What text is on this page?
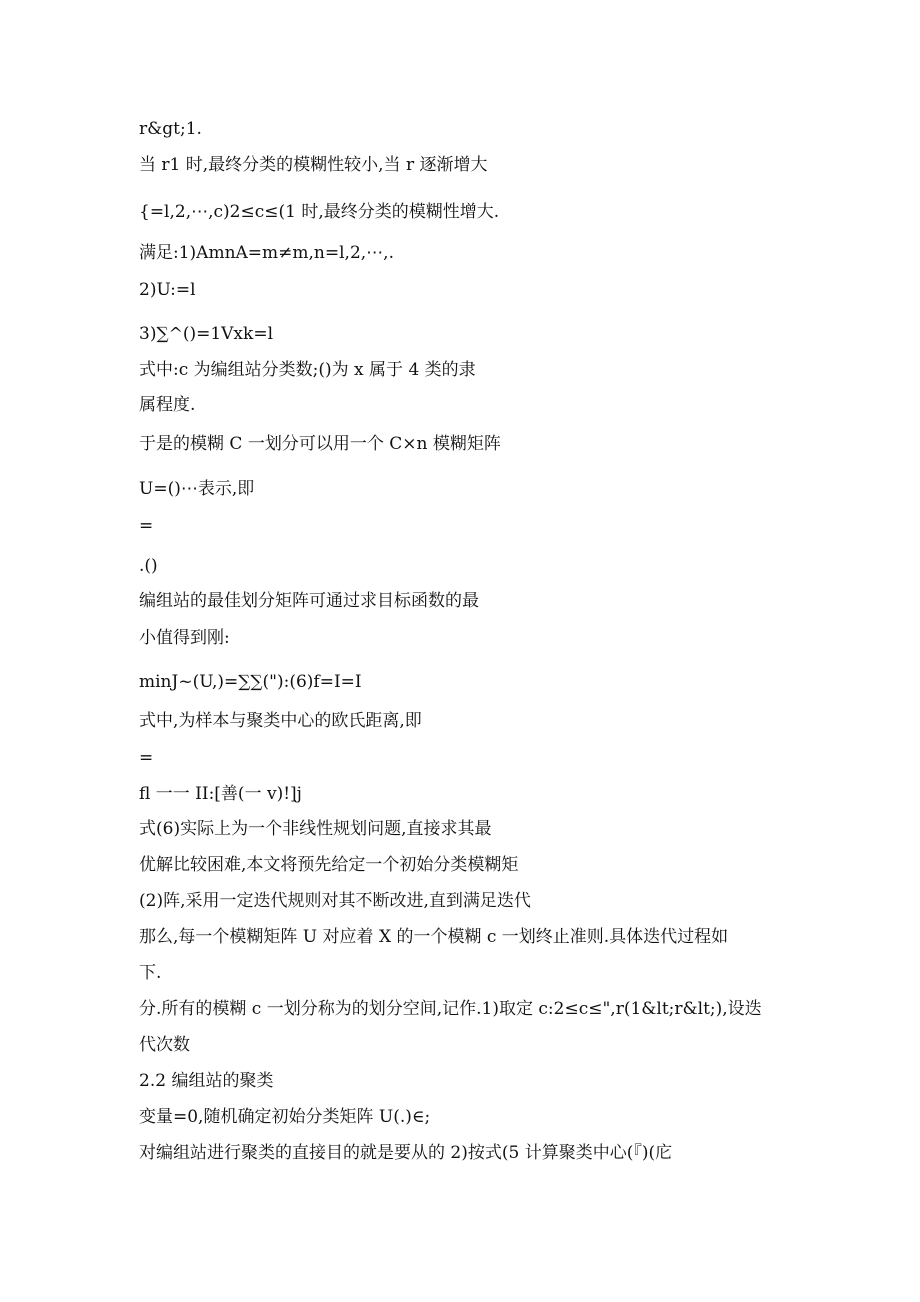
r&gt;1.
当 r1 时,最终分类的模糊性较小,当 r 逐渐增大
{=l,2,⋯,c)2≤c≤(1 时,最终分类的模糊性增大.
满足:1)AmnA=m≠m,n=l,2,⋯,.
2)U:=l
3)∑^()=1Vxk=l
式中:c 为编组站分类数;()为 x 属于 4 类的隶
属程度.
于是的模糊 C 一划分可以用一个 C×n 模糊矩阵
U=()⋯表示,即
=
.()
编组站的最佳划分矩阵可通过求目标函数的最
小值得到刚:
minJ~(U,)=∑∑("):(6)f=I=I
式中,为样本与聚类中心的欧氏距离,即
=
fl 一一 II:[善(一 v)!]j
式(6)实际上为一个非线性规划问题,直接求其最
优解比较困难,本文将预先给定一个初始分类模糊矩
(2)阵,采用一定迭代规则对其不断改进,直到满足迭代
那么,每一个模糊矩阵 U 对应着 X 的一个模糊 c 一划终止准则.具体迭代过程如
下.
分.所有的模糊 c 一划分称为的划分空间,记作.1)取定 c:2≤c≤",r(1&lt;r&lt;),设迭
代次数
2.2 编组站的聚类
变量=0,随机确定初始分类矩阵 U(.)∈;
对编组站进行聚类的直接目的就是要从的 2)按式(5 计算聚类中心(『)(庀
